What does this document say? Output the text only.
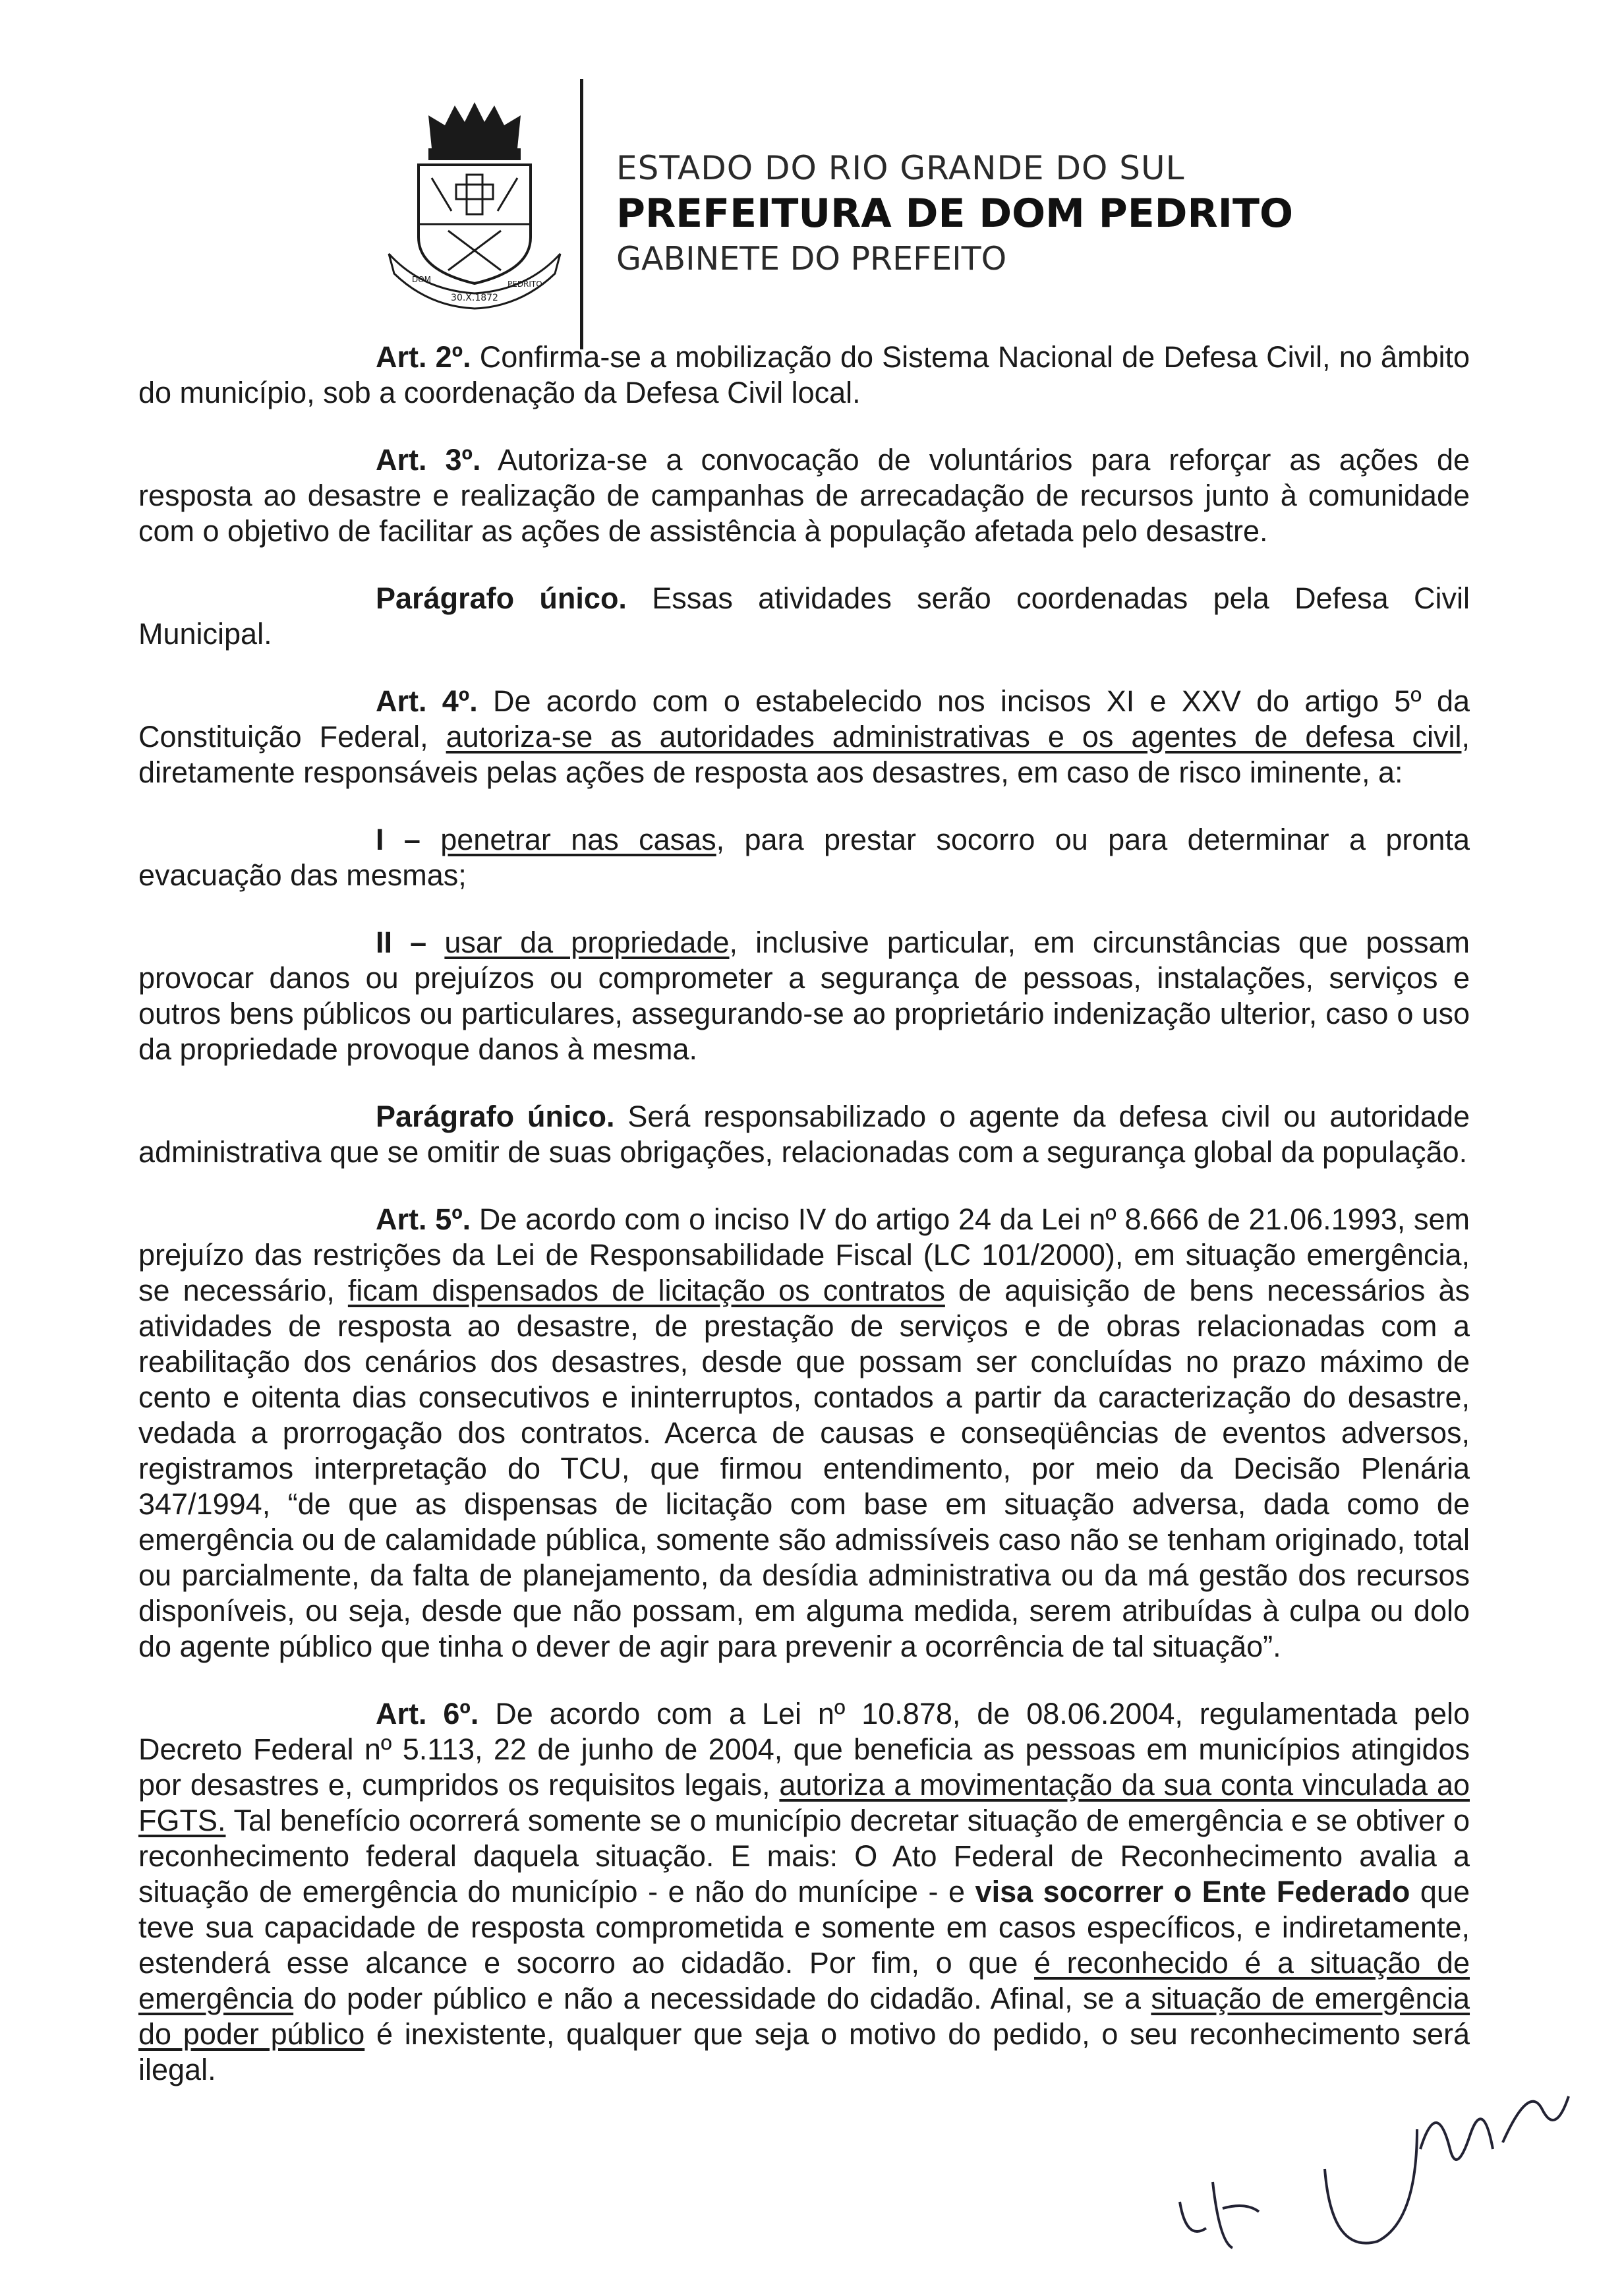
30.X.1872
DOM	PEDRITO
ESTADO DO RIO GRANDE DO SUL
PREFEITURA DE DOM PEDRITO
GABINETE DO PREFEITO

Art. 2º. Confirma-se a mobilização do Sistema Nacional de Defesa Civil, no âmbito do município, sob a coordenação da Defesa Civil local.

Art. 3º. Autoriza-se a convocação de voluntários para reforçar as ações de resposta ao desastre e realização de campanhas de arrecadação de recursos junto à comunidade com o objetivo de facilitar as ações de assistência à população afetada pelo desastre.

Parágrafo único. Essas atividades serão coordenadas pela Defesa Civil Municipal.

Art. 4º. De acordo com o estabelecido nos incisos XI e XXV do artigo 5º da Constituição Federal, autoriza-se as autoridades administrativas e os agentes de defesa civil, diretamente responsáveis pelas ações de resposta aos desastres, em caso de risco iminente, a:

I – penetrar nas casas, para prestar socorro ou para determinar a pronta evacuação das mesmas;

II – usar da propriedade, inclusive particular, em circunstâncias que possam provocar danos ou prejuízos ou comprometer a segurança de pessoas, instalações, serviços e outros bens públicos ou particulares, assegurando-se ao proprietário indenização ulterior, caso o uso da propriedade provoque danos à mesma.

Parágrafo único. Será responsabilizado o agente da defesa civil ou autoridade administrativa que se omitir de suas obrigações, relacionadas com a segurança global da população.

Art. 5º. De acordo com o inciso IV do artigo 24 da Lei nº 8.666 de 21.06.1993, sem prejuízo das restrições da Lei de Responsabilidade Fiscal (LC 101/2000), em situação emergência, se necessário, ficam dispensados de licitação os contratos de aquisição de bens necessários às atividades de resposta ao desastre, de prestação de serviços e de obras relacionadas com a reabilitação dos cenários dos desastres, desde que possam ser concluídas no prazo máximo de cento e oitenta dias consecutivos e ininterruptos, contados a partir da caracterização do desastre, vedada a prorrogação dos contratos. Acerca de causas e conseqüências de eventos adversos, registramos interpretação do TCU, que firmou entendimento, por meio da Decisão Plenária 347/1994, “de que as dispensas de licitação com base em situação adversa, dada como de emergência ou de calamidade pública, somente são admissíveis caso não se tenham originado, total ou parcialmente, da falta de planejamento, da desídia administrativa ou da má gestão dos recursos disponíveis, ou seja, desde que não possam, em alguma medida, serem atribuídas à culpa ou dolo do agente público que tinha o dever de agir para prevenir a ocorrência de tal situação”.

Art. 6º. De acordo com a Lei nº 10.878, de 08.06.2004, regulamentada pelo Decreto Federal nº 5.113, 22 de junho de 2004, que beneficia as pessoas em municípios atingidos por desastres e, cumpridos os requisitos legais, autoriza a movimentação da sua conta vinculada ao FGTS. Tal benefício ocorrerá somente se o município decretar situação de emergência e se obtiver o reconhecimento federal daquela situação. E mais: O Ato Federal de Reconhecimento avalia a situação de emergência do município - e não do munícipe - e visa socorrer o Ente Federado que teve sua capacidade de resposta comprometida e somente em casos específicos, e indiretamente, estenderá esse alcance e socorro ao cidadão. Por fim, o que é reconhecido é a situação de emergência do poder público e não a necessidade do cidadão. Afinal, se a situação de emergência do poder público é inexistente, qualquer que seja o motivo do pedido, o seu reconhecimento será ilegal.
